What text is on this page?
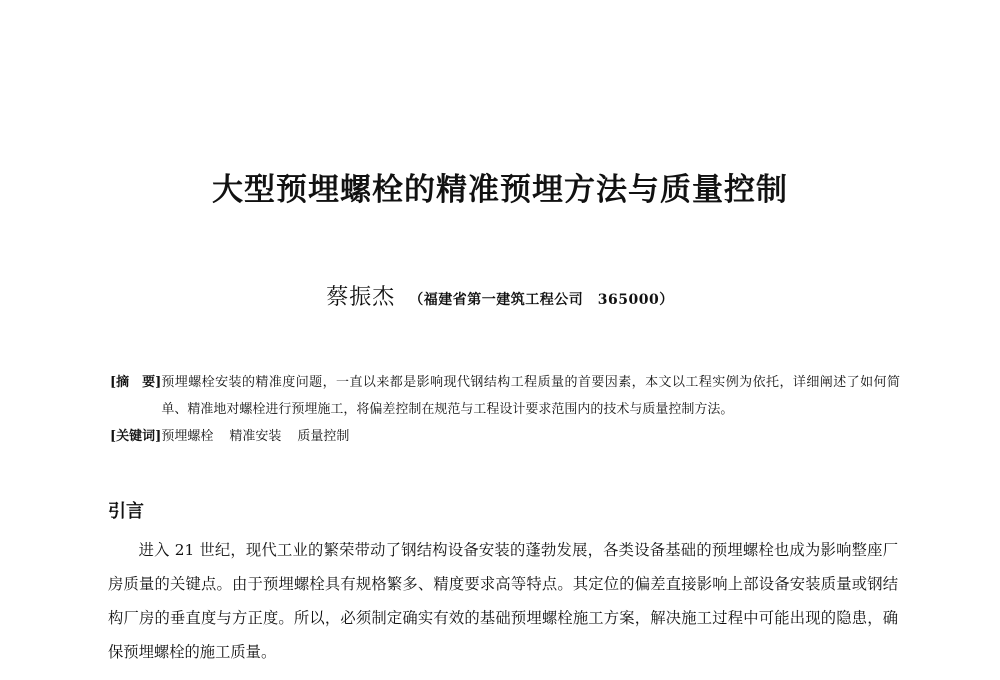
大型预埋螺栓的精准预埋方法与质量控制
蔡振杰 （福建省第一建筑工程公司　365000）
[摘　要] 预埋螺栓安装的精准度问题，一直以来都是影响现代钢结构工程质量的首要因素，本文以工程实例为依托，详细阐述了如何简单、精准地对螺栓进行预埋施工，将偏差控制在规范与工程设计要求范围内的技术与质量控制方法。
[关键词] 预埋螺栓 精准安装 质量控制
引言
进入 21 世纪，现代工业的繁荣带动了钢结构设备安装的蓬勃发展，各类设备基础的预埋螺栓也成为影响整座厂房质量的关键点。由于预埋螺栓具有规格繁多、精度要求高等特点。其定位的偏差直接影响上部设备安装质量或钢结构厂房的垂直度与方正度。所以，必须制定确实有效的基础预埋螺栓施工方案，解决施工过程中可能出现的隐患，确保预埋螺栓的施工质量。
